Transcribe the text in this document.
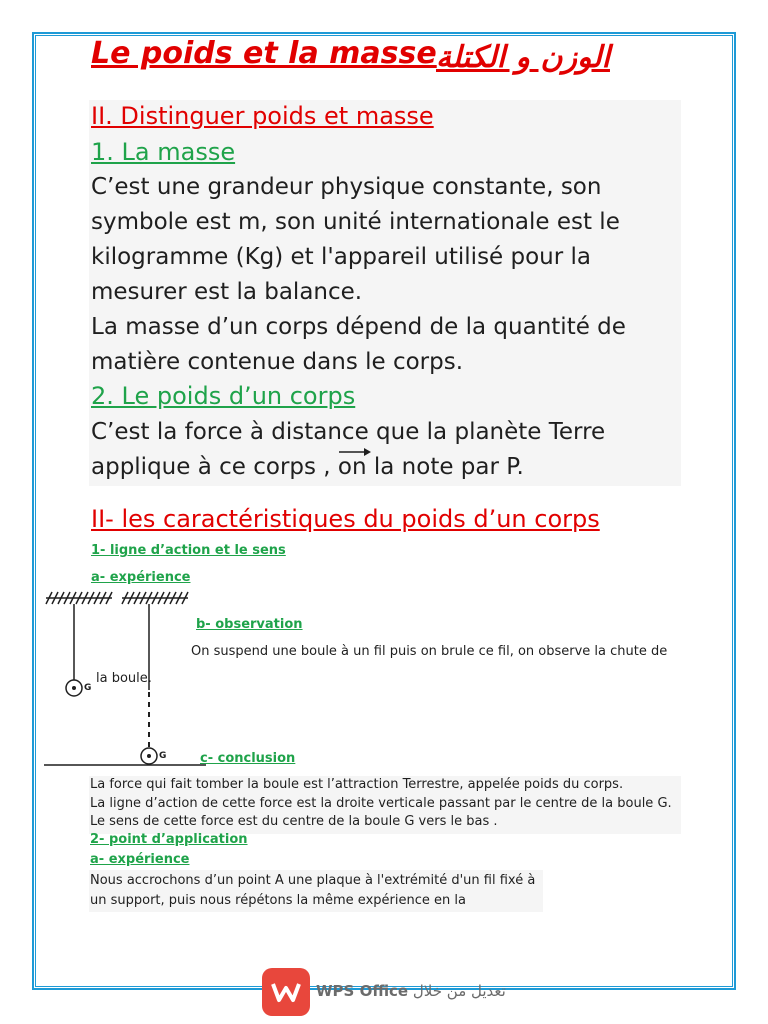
Le poids et la masse الوزن و الكتلة
II. Distinguer poids et masse
1. La masse
C’est une grandeur physique constante, son
symbole est m, son unité internationale est le
kilogramme (Kg) et l'appareil utilisé pour la
mesurer est la balance.
La masse d’un corps dépend de la quantité de
matière contenue dans le corps.
2. Le poids d’un corps
C’est la force à distance que la planète Terre
applique à ce corps , on la note par P.
II- les caractéristiques du poids d’un corps
1- ligne d’action et le sens
a- expérience
G
G
b- observation
On suspend une boule à un fil puis on brule ce fil, on observe la chute de
la boule.
c- conclusion
La force qui fait tomber la boule est l’attraction Terrestre, appelée poids du corps.
La ligne d’action de cette force est la droite verticale passant par le centre de la boule G.
Le sens de cette force est du centre de la boule G vers le bas .
2- point d’application
a- expérience
Nous accrochons d’un point A une plaque à l'extrémité d'un fil fixé à
un support, puis nous répétons la même expérience en la
WPS Office تعديل من خلال
